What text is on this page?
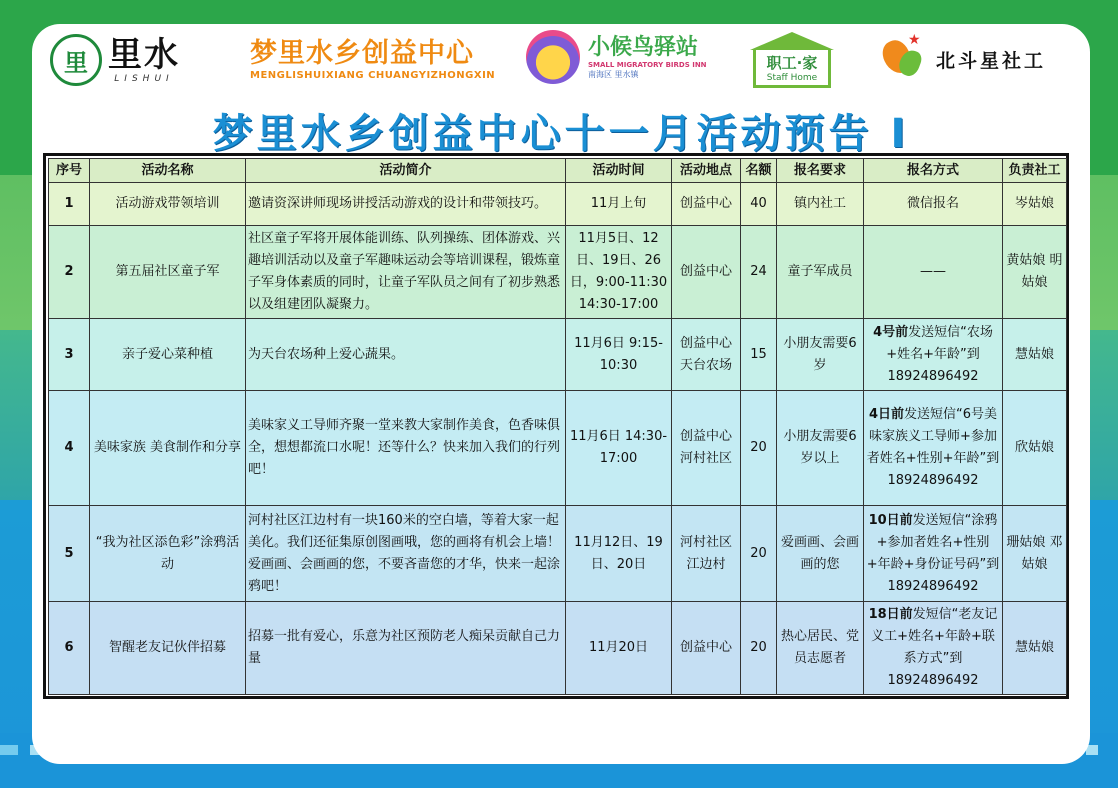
里 里水
LISHUI
梦里水乡创益中心
MENGLISHUIXIANG CHUANGYIZHONGXIN
小候鸟驿站
SMALL MIGRATORY BIRDS INN
南海区 里水镇
职工·家
Staff Home
★
北斗星社工
梦里水乡创益中心十一月活动预告 I
序号	活动名称	活动简介	活动时间	活动地点	名额	报名要求	报名方式	负责社工
1	活动游戏带领培训	邀请资深讲师现场讲授活动游戏的设计和带领技巧。	11月上旬	创益中心	40	镇内社工	微信报名	岑姑娘
2	第五届社区童子军	社区童子军将开展体能训练、队列操练、团体游戏、兴趣培训活动以及童子军趣味运动会等培训课程，锻炼童子军身体素质的同时，让童子军队员之间有了初步熟悉以及组建团队凝聚力。	11月5日、12日、19日、26日，9:00-11:30 14:30-17:00	创益中心	24	童子军成员	——	黄姑娘 明姑娘
3	亲子爱心菜种植	为天台农场种上爱心蔬果。	11月6日 9:15-10:30	创益中心 天台农场	15	小朋友需要6岁	4号前发送短信“农场+姓名+年龄”到18924896492	慧姑娘
4	美味家族 美食制作和分享	美味家义工导师齐聚一堂来教大家制作美食，色香味俱全，想想都流口水呢！还等什么？快来加入我们的行列吧！	11月6日 14:30-17:00	创益中心 河村社区	20	小朋友需要6岁以上	4日前发送短信“6号美味家族义工导师+参加者姓名+性别+年龄”到18924896492	欣姑娘
5	“我为社区添色彩”涂鸦活动	河村社区江边村有一块160米的空白墙，等着大家一起美化。我们还征集原创图画哦，您的画将有机会上墙！爱画画、会画画的您，不要吝啬您的才华，快来一起涂鸦吧！	11月12日、19日、20日	河村社区 江边村	20	爱画画、会画画的您	10日前发送短信“涂鸦+参加者姓名+性别+年龄+身份证号码”到18924896492	珊姑娘 邓姑娘
6	智醒老友记伙伴招募	招募一批有爱心，乐意为社区预防老人痴呆贡献自己力量	11月20日	创益中心	20	热心居民、党员志愿者	18日前发短信“老友记义工+姓名+年龄+联系方式”到18924896492	慧姑娘
